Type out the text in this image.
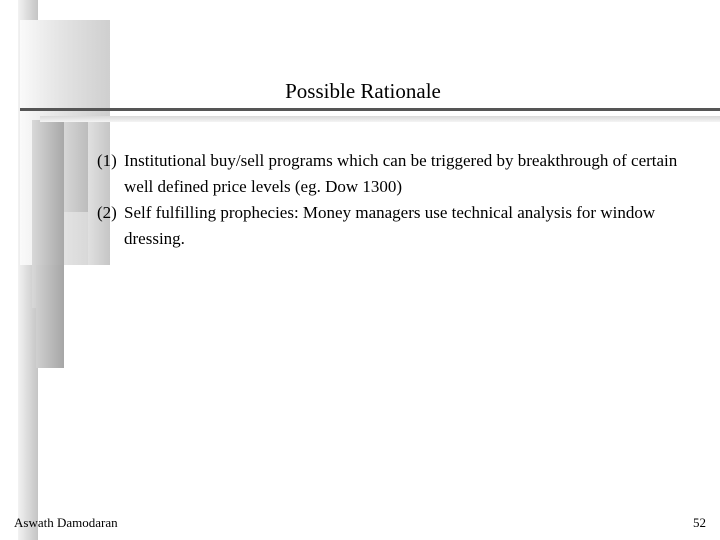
Possible Rationale
(1) Institutional buy/sell programs which can be triggered by breakthrough of certain well defined price levels (eg. Dow 1300)
(2) Self fulfilling prophecies: Money managers use technical analysis for window dressing.
Aswath Damodaran	52
